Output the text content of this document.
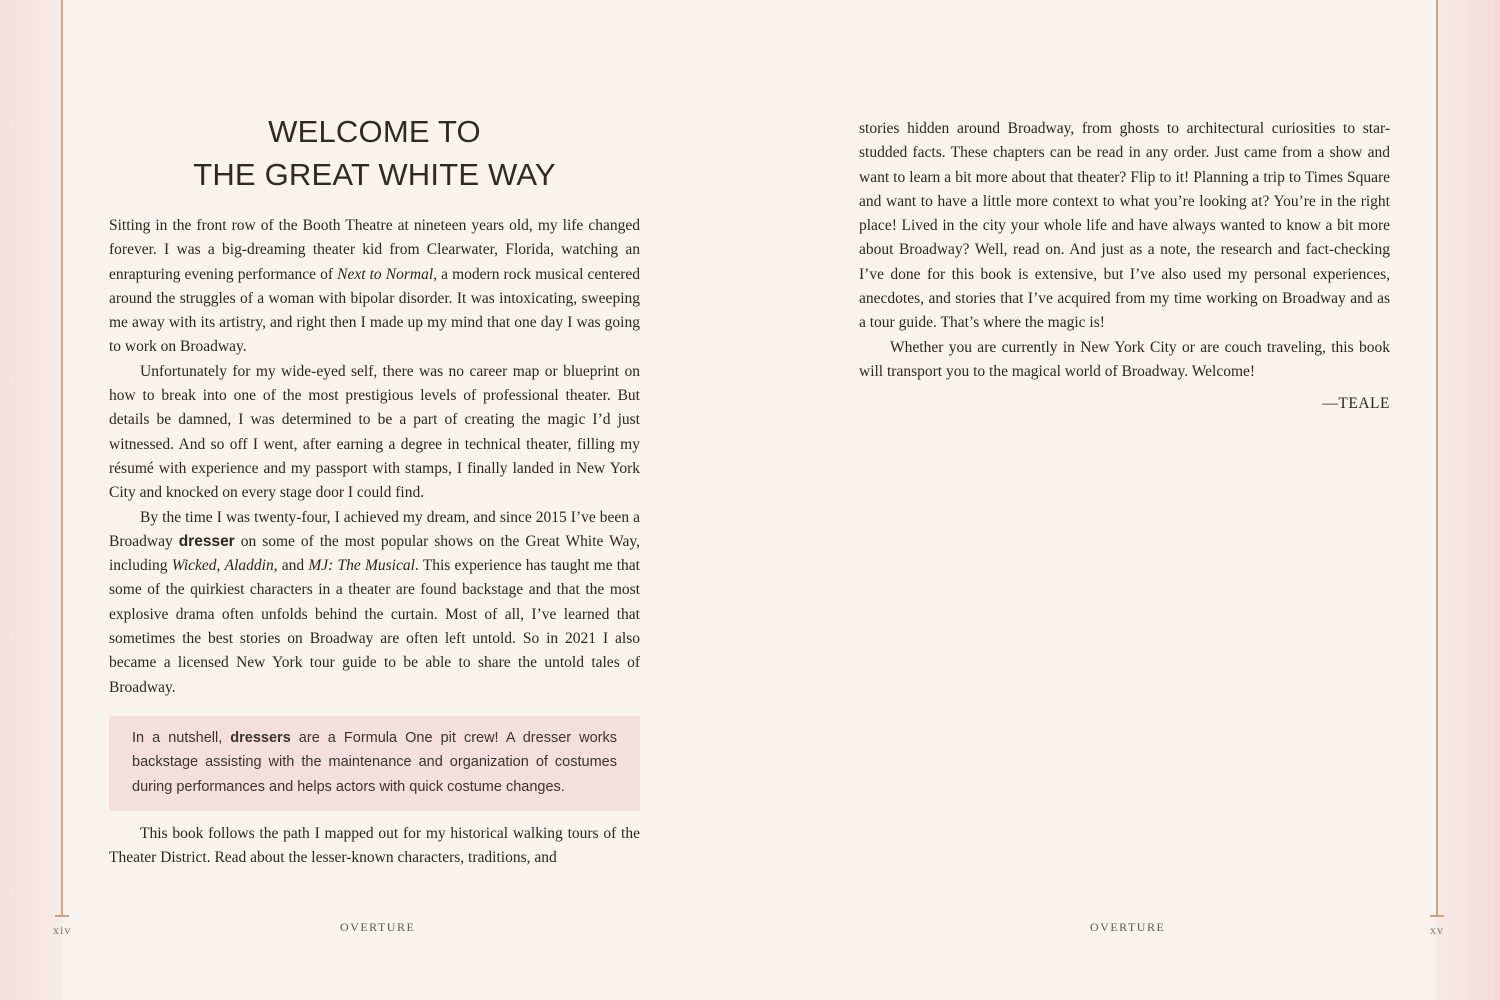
WELCOME TO
THE GREAT WHITE WAY

Sitting in the front row of the Booth Theatre at nineteen years old, my life changed forever. I was a big-dreaming theater kid from Clearwater, Florida, watching an enrapturing evening performance of Next to Normal, a modern rock musical centered around the struggles of a woman with bipolar disorder. It was intoxicating, sweeping me away with its artistry, and right then I made up my mind that one day I was going to work on Broadway.

Unfortunately for my wide-eyed self, there was no career map or blueprint on how to break into one of the most prestigious levels of professional theater. But details be damned, I was determined to be a part of creating the magic I’d just witnessed. And so off I went, after earning a degree in technical theater, filling my résumé with experience and my passport with stamps, I finally landed in New York City and knocked on every stage door I could find.

By the time I was twenty-four, I achieved my dream, and since 2015 I’ve been a Broadway dresser on some of the most popular shows on the Great White Way, including Wicked, Aladdin, and MJ: The Musical. This experience has taught me that some of the quirkiest characters in a theater are found backstage and that the most explosive drama often unfolds behind the curtain. Most of all, I’ve learned that sometimes the best stories on Broadway are often left untold. So in 2021 I also became a licensed New York tour guide to be able to share the untold tales of Broadway.

In a nutshell, dressers are a Formula One pit crew! A dresser works backstage assisting with the maintenance and organization of costumes during performances and helps actors with quick costume changes.

This book follows the path I mapped out for my historical walking tours of the Theater District. Read about the lesser-known characters, traditions, and

xiv	OVERTURE

stories hidden around Broadway, from ghosts to architectural curiosities to star-studded facts. These chapters can be read in any order. Just came from a show and want to learn a bit more about that theater? Flip to it! Planning a trip to Times Square and want to have a little more context to what you’re looking at? You’re in the right place! Lived in the city your whole life and have always wanted to know a bit more about Broadway? Well, read on. And just as a note, the research and fact-checking I’ve done for this book is extensive, but I’ve also used my personal experiences, anecdotes, and stories that I’ve acquired from my time working on Broadway and as a tour guide. That’s where the magic is!

Whether you are currently in New York City or are couch traveling, this book will transport you to the magical world of Broadway. Welcome!

—TEALE
xv
OVERTURE
